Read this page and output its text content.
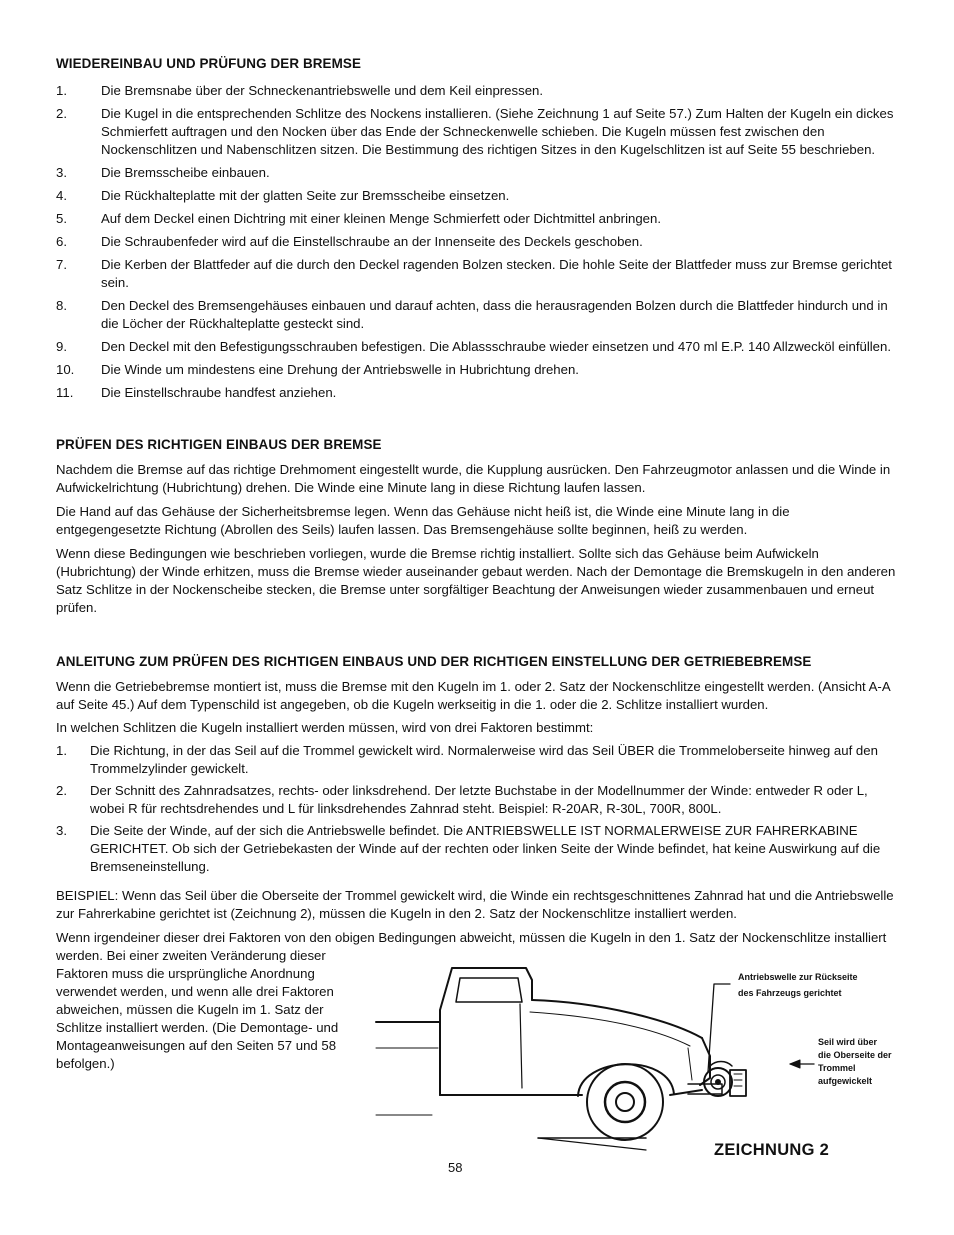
WIEDEREINBAU UND PRÜFUNG DER BREMSE
1.	Die Bremsnabe über der Schneckenantriebswelle und dem Keil einpressen.
2.	Die Kugel in die entsprechenden Schlitze des Nockens installieren. (Siehe Zeichnung 1 auf Seite 57.) Zum Halten der Kugeln ein dickes Schmierfett auftragen und den Nocken über das Ende der Schneckenwelle schieben. Die Kugeln müssen fest zwischen den Nockenschlitzen und Nabenschlitzen sitzen. Die Bestimmung des richtigen Sitzes in den Kugelschlitzen ist auf Seite 55 beschrieben.
3.	Die Bremsscheibe einbauen.
4.	Die Rückhalteplatte mit der glatten Seite zur Bremsscheibe einsetzen.
5.	Auf dem Deckel einen Dichtring mit einer kleinen Menge Schmierfett oder Dichtmittel anbringen.
6.	Die Schraubenfeder wird auf die Einstellschraube an der Innenseite des Deckels geschoben.
7.	Die Kerben der Blattfeder auf die durch den Deckel ragenden Bolzen stecken. Die hohle Seite der Blattfeder muss zur Bremse gerichtet sein.
8.	Den Deckel des Bremsengehäuses einbauen und darauf achten, dass die herausragenden Bolzen durch die Blattfeder hindurch und in die Löcher der Rückhalteplatte gesteckt sind.
9.	Den Deckel mit den Befestigungsschrauben befestigen. Die Ablassschraube wieder einsetzen und 470 ml E.P. 140 Allzwecköl einfüllen.
10. Die Winde um mindestens eine Drehung der Antriebswelle in Hubrichtung drehen.
11. Die Einstellschraube handfest anziehen.
PRÜFEN DES RICHTIGEN EINBAUS DER BREMSE

Nachdem die Bremse auf das richtige Drehmoment eingestellt wurde, die Kupplung ausrücken. Den Fahrzeugmotor anlassen und die Winde in Aufwickelrichtung (Hubrichtung) drehen. Die Winde eine Minute lang in diese Richtung laufen lassen.

Die Hand auf das Gehäuse der Sicherheitsbremse legen. Wenn das Gehäuse nicht heiß ist, die Winde eine Minute lang in die entgegengesetzte Richtung (Abrollen des Seils) laufen lassen. Das Bremsengehäuse sollte beginnen, heiß zu werden.

Wenn diese Bedingungen wie beschrieben vorliegen, wurde die Bremse richtig installiert. Sollte sich das Gehäuse beim Aufwickeln (Hubrichtung) der Winde erhitzen, muss die Bremse wieder auseinander gebaut werden. Nach der Demontage die Bremskugeln in den anderen Satz Schlitze in der Nockenscheibe stecken, die Bremse unter sorgfältiger Beachtung der Anweisungen wieder zusammenbauen und erneut prüfen.

ANLEITUNG ZUM PRÜFEN DES RICHTIGEN EINBAUS UND DER RICHTIGEN EINSTELLUNG DER GETRIEBEBREMSE

Wenn die Getriebebremse montiert ist, muss die Bremse mit den Kugeln im 1. oder 2. Satz der Nockenschlitze eingestellt werden. (Ansicht A-A auf Seite 45.) Auf dem Typenschild ist angegeben, ob die Kugeln werkseitig in die 1. oder die 2. Schlitze installiert wurden.

In welchen Schlitzen die Kugeln installiert werden müssen, wird von drei Faktoren bestimmt:

1. Die Richtung, in der das Seil auf die Trommel gewickelt wird. Normalerweise wird das Seil ÜBER die Trommeloberseite hinweg auf den Trommelzylinder gewickelt.
2. Der Schnitt des Zahnradsatzes, rechts- oder linksdrehend. Der letzte Buchstabe in der Modellnummer der Winde: entweder R oder L, wobei R für rechtsdrehendes und L für linksdrehendes Zahnrad steht. Beispiel: R-20AR, R-30L, 700R, 800L.
3. Die Seite der Winde, auf der sich die Antriebswelle befindet. Die ANTRIEBSWELLE IST NORMALERWEISE ZUR FAHRERKABINE GERICHTET. Ob sich der Getriebekasten der Winde auf der rechten oder linken Seite der Winde befindet, hat keine Auswirkung auf die Bremseneinstellung.

BEISPIEL: Wenn das Seil über die Oberseite der Trommel gewickelt wird, die Winde ein rechtsgeschnittenes Zahnrad hat und die Antriebswelle zur Fahrerkabine gerichtet ist (Zeichnung 2), müssen die Kugeln in den 2. Satz der Nockenschlitze installiert werden.

Wenn irgendeiner dieser drei Faktoren von den obigen Bedingungen abweicht, müssen die Kugeln in den 1. Satz der Nockenschlitze installiert

werden. Bei einer zweiten Veränderung dieser

Faktoren muss die ursprüngliche Anordnung verwendet werden, und wenn alle drei Faktoren abweichen, müssen die Kugeln im 1. Satz der Schlitze installiert werden. (Die Demontage- und Montageanweisungen auf den Seiten 57 und 58 befolgen.)

Antriebswelle zur Rückseite
des Fahrzeugs gerichtet
Seil wird über
die Oberseite der
Trommel
aufgewickelt
ZEICHNUNG 2
58
